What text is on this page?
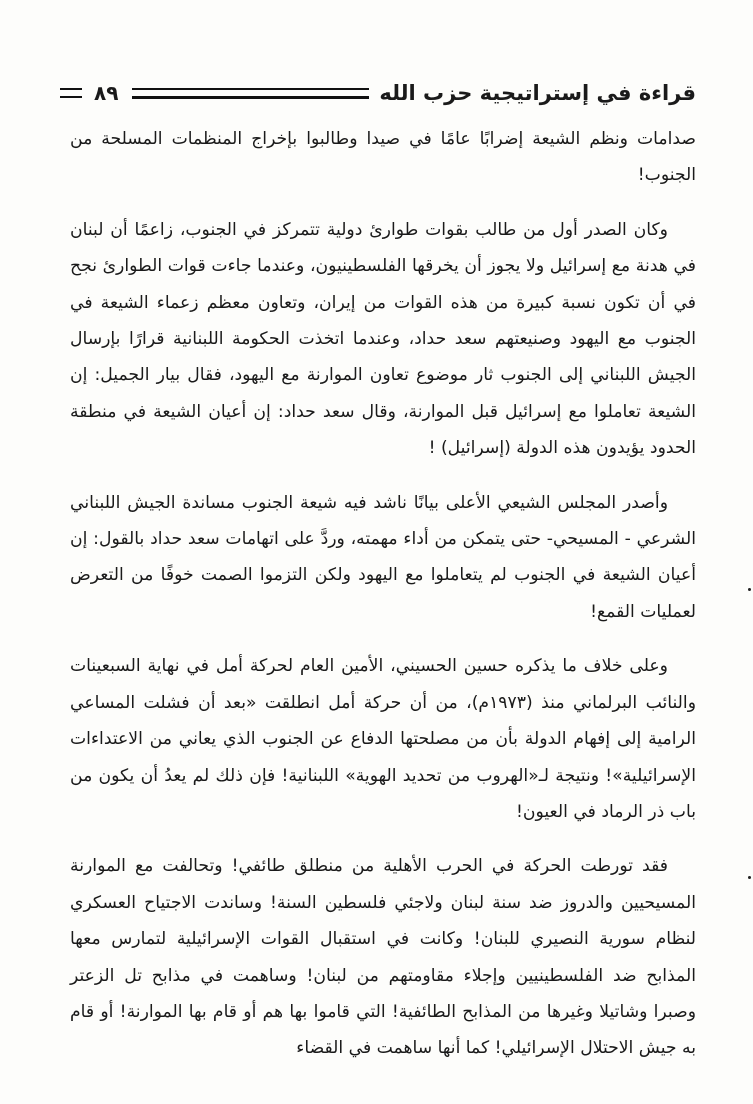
قراءة في إستراتيجية حزب الله
٨٩

صدامات ونظم الشيعة إضرابًا عامًا في صيدا وطالبوا بإخراج المنظمات المسلحة من الجنوب!

وكان الصدر أول من طالب بقوات طوارئ دولية تتمركز في الجنوب، زاعمًا أن لبنان في هدنة مع إسرائيل ولا يجوز أن يخرقها الفلسطينيون، وعندما جاءت قوات الطوارئ نجح في أن تكون نسبة كبيرة من هذه القوات من إيران، وتعاون معظم زعماء الشيعة في الجنوب مع اليهود وصنيعتهم سعد حداد، وعندما اتخذت الحكومة اللبنانية قرارًا بإرسال الجيش اللبناني إلى الجنوب ثار موضوع تعاون الموارنة مع اليهود، فقال بيار الجميل: إن الشيعة تعاملوا مع إسرائيل قبل الموارنة، وقال سعد حداد: إن أعيان الشيعة في منطقة الحدود يؤيدون هذه الدولة (إسرائيل) !

وأصدر المجلس الشيعي الأعلى بيانًا ناشد فيه شيعة الجنوب مساندة الجيش اللبناني الشرعي - المسيحي- حتى يتمكن من أداء مهمته، وردَّ على اتهامات سعد حداد بالقول: إن أعيان الشيعة في الجنوب لم يتعاملوا مع اليهود ولكن التزموا الصمت خوفًا من التعرض لعمليات القمع!

وعلى خلاف ما يذكره حسين الحسيني، الأمين العام لحركة أمل في نهاية السبعينات والنائب البرلماني منذ (١٩٧٣م)، من أن حركة أمل انطلقت «بعد أن فشلت المساعي الرامية إلى إفهام الدولة بأن من مصلحتها الدفاع عن الجنوب الذي يعاني من الاعتداءات الإسرائيلية»! ونتيجة لـ«الهروب من تحديد الهوية» اللبنانية! فإن ذلك لم يعدُ أن يكون من باب ذر الرماد في العيون!

فقد تورطت الحركة في الحرب الأهلية من منطلق طائفي! وتحالفت مع الموارنة المسيحيين والدروز ضد سنة لبنان ولاجئي فلسطين السنة! وساندت الاجتياح العسكري لنظام سورية النصيري للبنان! وكانت في استقبال القوات الإسرائيلية لتمارس معها المذابح ضد الفلسطينيين وإجلاء مقاومتهم من لبنان! وساهمت في مذابح تل الزعتر وصبرا وشاتيلا وغيرها من المذابح الطائفية! التي قاموا بها هم أو قام بها الموارنة! أو قام به جيش الاحتلال الإسرائيلي! كما أنها ساهمت في القضاء
